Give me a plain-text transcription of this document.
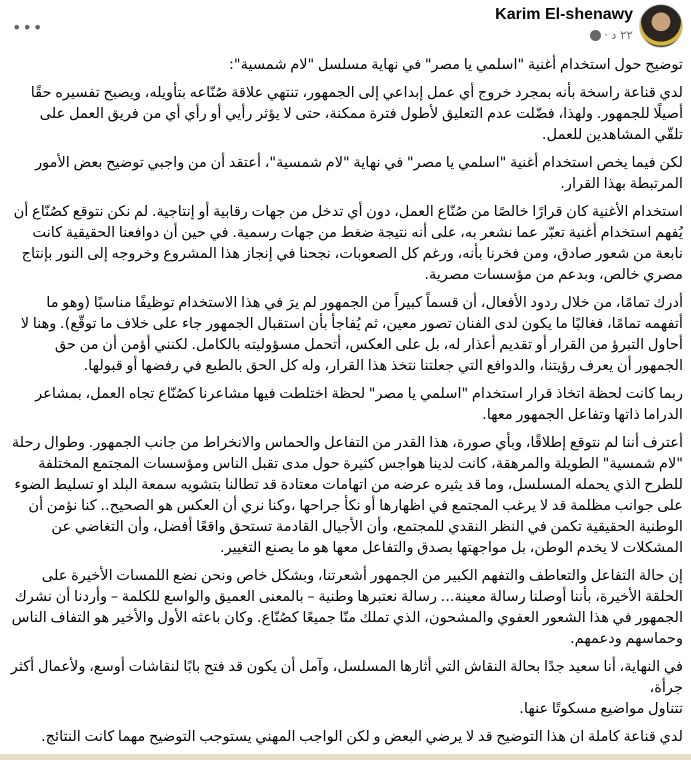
Karim El-shenawy
٢٢ د
·
•••

توضيح حول استخدام أغنية "اسلمي يا مصر" في نهاية مسلسل "لام شمسية":

لدي قناعة راسخة بأنه بمجرد خروج أي عمل إبداعي إلى الجمهور، تنتهي علاقة صُنّاعه بتأويله، ويصبح تفسيره حقًا أصيلًا للجمهور. ولهذا، فضّلت عدم التعليق لأطول فترة ممكنة، حتى لا يؤثر رأيي أو رأي أي من فريق العمل على تلقّي المشاهدين للعمل.

لكن فيما يخص استخدام أغنية "اسلمي يا مصر" في نهاية "لام شمسية"، أعتقد أن من واجبي توضيح بعض الأمور المرتبطة بهذا القرار.

استخدام الأغنية كان قرارًا خالصًا من صُنّاع العمل، دون أي تدخل من جهات رقابية أو إنتاجية. لم نكن نتوقع كصُنّاع أن يُفهم استخدام أغنية تعبّر عما نشعر به، على أنه نتيجة ضغط من جهات رسمية. في حين أن دوافعنا الحقيقية كانت نابعة من شعور صادق، ومن فخرنا بأنه، ورغم كل الصعوبات، نجحنا في إنجاز هذا المشروع وخروجه إلى النور بإنتاج مصري خالص، وبدعم من مؤسسات مصرية.

أدرك تمامًا، من خلال ردود الأفعال، أن قسماً كبيراً من الجمهور لم يرَ في هذا الاستخدام توظيفًا مناسبًا (وهو ما أتفهمه تمامًا، فغالبًا ما يكون لدى الفنان تصور معين، ثم يُفاجأ بأن استقبال الجمهور جاء على خلاف ما توقّع). وهنا لا أحاول التبرؤ من القرار أو تقديم أعذار له، بل على العكس، أتحمل مسؤوليته بالكامل. لكنني أؤمن أن من حق الجمهور أن يعرف رؤيتنا، والدوافع التي جعلتنا نتخذ هذا القرار، وله كل الحق بالطبع في رفضها أو قبولها.

ربما كانت لحظة اتخاذ قرار استخدام "اسلمي يا مصر" لحظة اختلطت فيها مشاعرنا كصُنّاع تجاه العمل، بمشاعر الدراما ذاتها وتفاعل الجمهور معها.

أعترف أننا لم نتوقع إطلاقًا، وبأي صورة، هذا القدر من التفاعل والحماس والانخراط من جانب الجمهور. وطوال رحلة "لام شمسية" الطويلة والمرهقة، كانت لدينا هواجس كثيرة حول مدى تقبل الناس ومؤسسات المجتمع المختلفة للطرح الذي يحمله المسلسل، وما قد يثيره عرضه من اتهامات معتادة قد تطالنا بتشويه سمعة البلد او تسليط الضوء على جوانب مظلمة قد لا يرغب المجتمع في اظهارها أو نكأ جراحها ،وكنا نري أن العكس هو الصحيح.. كنا نؤمن أن الوطنية الحقيقية تكمن في النظر النقدي للمجتمع، وأن الأجيال القادمة تستحق واقعًا أفضل، وأن التغاضي عن المشكلات لا يخدم الوطن، بل مواجهتها بصدق والتفاعل معها هو ما يصنع التغيير.

إن حالة التفاعل والتعاطف والتفهم الكبير من الجمهور أشعرتنا، وبشكل خاص ونحن نضع اللمسات الأخيرة على الحلقة الأخيرة، بأننا أوصلنا رسالة معينة... رسالة نعتبرها وطنية – بالمعنى العميق والواسع للكلمة – وأردنا أن نشرك الجمهور في هذا الشعور العفوي والمشحون، الذي تملك منّا جميعًا كصُنّاع. وكان باعثه الأول والأخير هو التفاف الناس وحماسهم ودعمهم.

في النهاية، أنا سعيد جدًا بحالة النقاش التي أثارها المسلسل، وآمل أن يكون قد فتح بابًا لنقاشات أوسع، ولأعمال أكثر جرأة،
تتناول مواضيع مسكوتًا عنها.

لدي قناعة كاملة ان هذا التوضيح قد لا يرضي البعض و لكن الواجب المهني يستوجب التوضيح مهما كانت النتائج.
